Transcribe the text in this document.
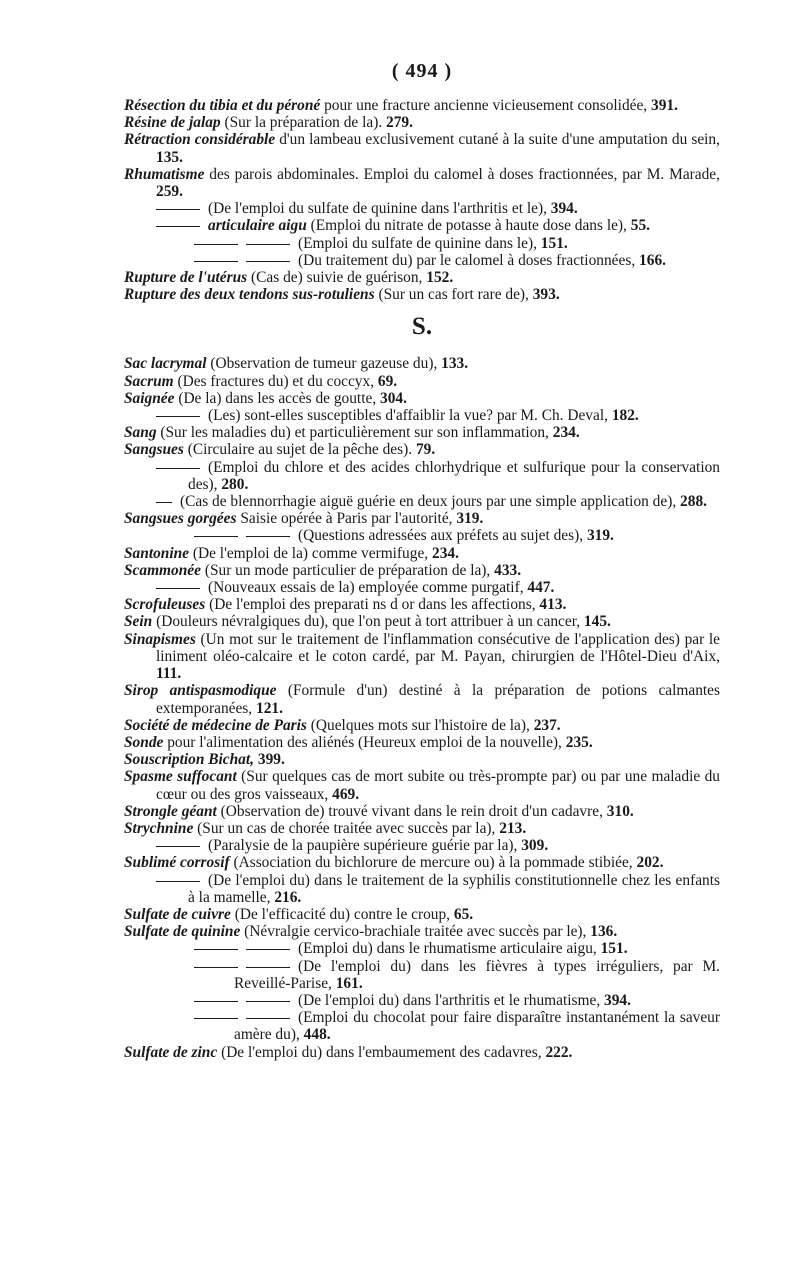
( 494 )

Résection du tibia et du péroné pour une fracture ancienne vicieusement consolidée, 391.

Résine de jalap (Sur la préparation de la). 279.

Rétraction considérable d'un lambeau exclusivement cutané à la suite d'une amputation du sein, 135.

Rhumatisme des parois abdominales. Emploi du calomel à doses fractionnées, par M. Marade, 259.

(De l'emploi du sulfate de quinine dans l'arthritis et le), 394.

articulaire aigu (Emploi du nitrate de potasse à haute dose dans le), 55.

(Emploi du sulfate de quinine dans le), 151.

(Du traitement du) par le calomel à doses fractionnées, 166.

Rupture de l'utérus (Cas de) suivie de guérison, 152.

Rupture des deux tendons sus-rotuliens (Sur un cas fort rare de), 393.

S.

Sac lacrymal (Observation de tumeur gazeuse du), 133.

Sacrum (Des fractures du) et du coccyx, 69.

Saignée (De la) dans les accès de goutte, 304.

(Les) sont-elles susceptibles d'affaiblir la vue? par M. Ch. Deval, 182.

Sang (Sur les maladies du) et particulièrement sur son inflammation, 234.

Sangsues (Circulaire au sujet de la pêche des). 79.

(Emploi du chlore et des acides chlorhydrique et sulfurique pour la conservation des), 280.

(Cas de blennorrhagie aiguë guérie en deux jours par une simple application de), 288.

Sangsues gorgées Saisie opérée à Paris par l'autorité, 319.

(Questions adressées aux préfets au sujet des), 319.

Santonine (De l'emploi de la) comme vermifuge, 234.

Scammonée (Sur un mode particulier de préparation de la), 433.

(Nouveaux essais de la) employée comme purgatif, 447.

Scrofuleuses (De l'emploi des preparati ns d or dans les affections, 413.

Sein (Douleurs névralgiques du), que l'on peut à tort attribuer à un cancer, 145.

Sinapismes (Un mot sur le traitement de l'inflammation consécutive de l'application des) par le liniment oléo-calcaire et le coton cardé, par M. Payan, chirurgien de l'Hôtel-Dieu d'Aix, 111.

Sirop antispasmodique (Formule d'un) destiné à la préparation de potions calmantes extemporanées, 121.

Société de médecine de Paris (Quelques mots sur l'histoire de la), 237.

Sonde pour l'alimentation des aliénés (Heureux emploi de la nouvelle), 235.

Souscription Bichat, 399.

Spasme suffocant (Sur quelques cas de mort subite ou très-prompte par) ou par une maladie du cœur ou des gros vaisseaux, 469.

Strongle géant (Observation de) trouvé vivant dans le rein droit d'un cadavre, 310.

Strychnine (Sur un cas de chorée traitée avec succès par la), 213.

(Paralysie de la paupière supérieure guérie par la), 309.

Sublimé corrosif (Association du bichlorure de mercure ou) à la pommade stibiée, 202.

(De l'emploi du) dans le traitement de la syphilis constitutionnelle chez les enfants à la mamelle, 216.

Sulfate de cuivre (De l'efficacité du) contre le croup, 65.

Sulfate de quinine (Névralgie cervico-brachiale traitée avec succès par le), 136.

(Emploi du) dans le rhumatisme articulaire aigu, 151.

(De l'emploi du) dans les fièvres à types irréguliers, par M. Reveillé-Parise, 161.

(De l'emploi du) dans l'arthritis et le rhumatisme, 394.

(Emploi du chocolat pour faire disparaître instantanément la saveur amère du), 448.

Sulfate de zinc (De l'emploi du) dans l'embaumement des cadavres, 222.
